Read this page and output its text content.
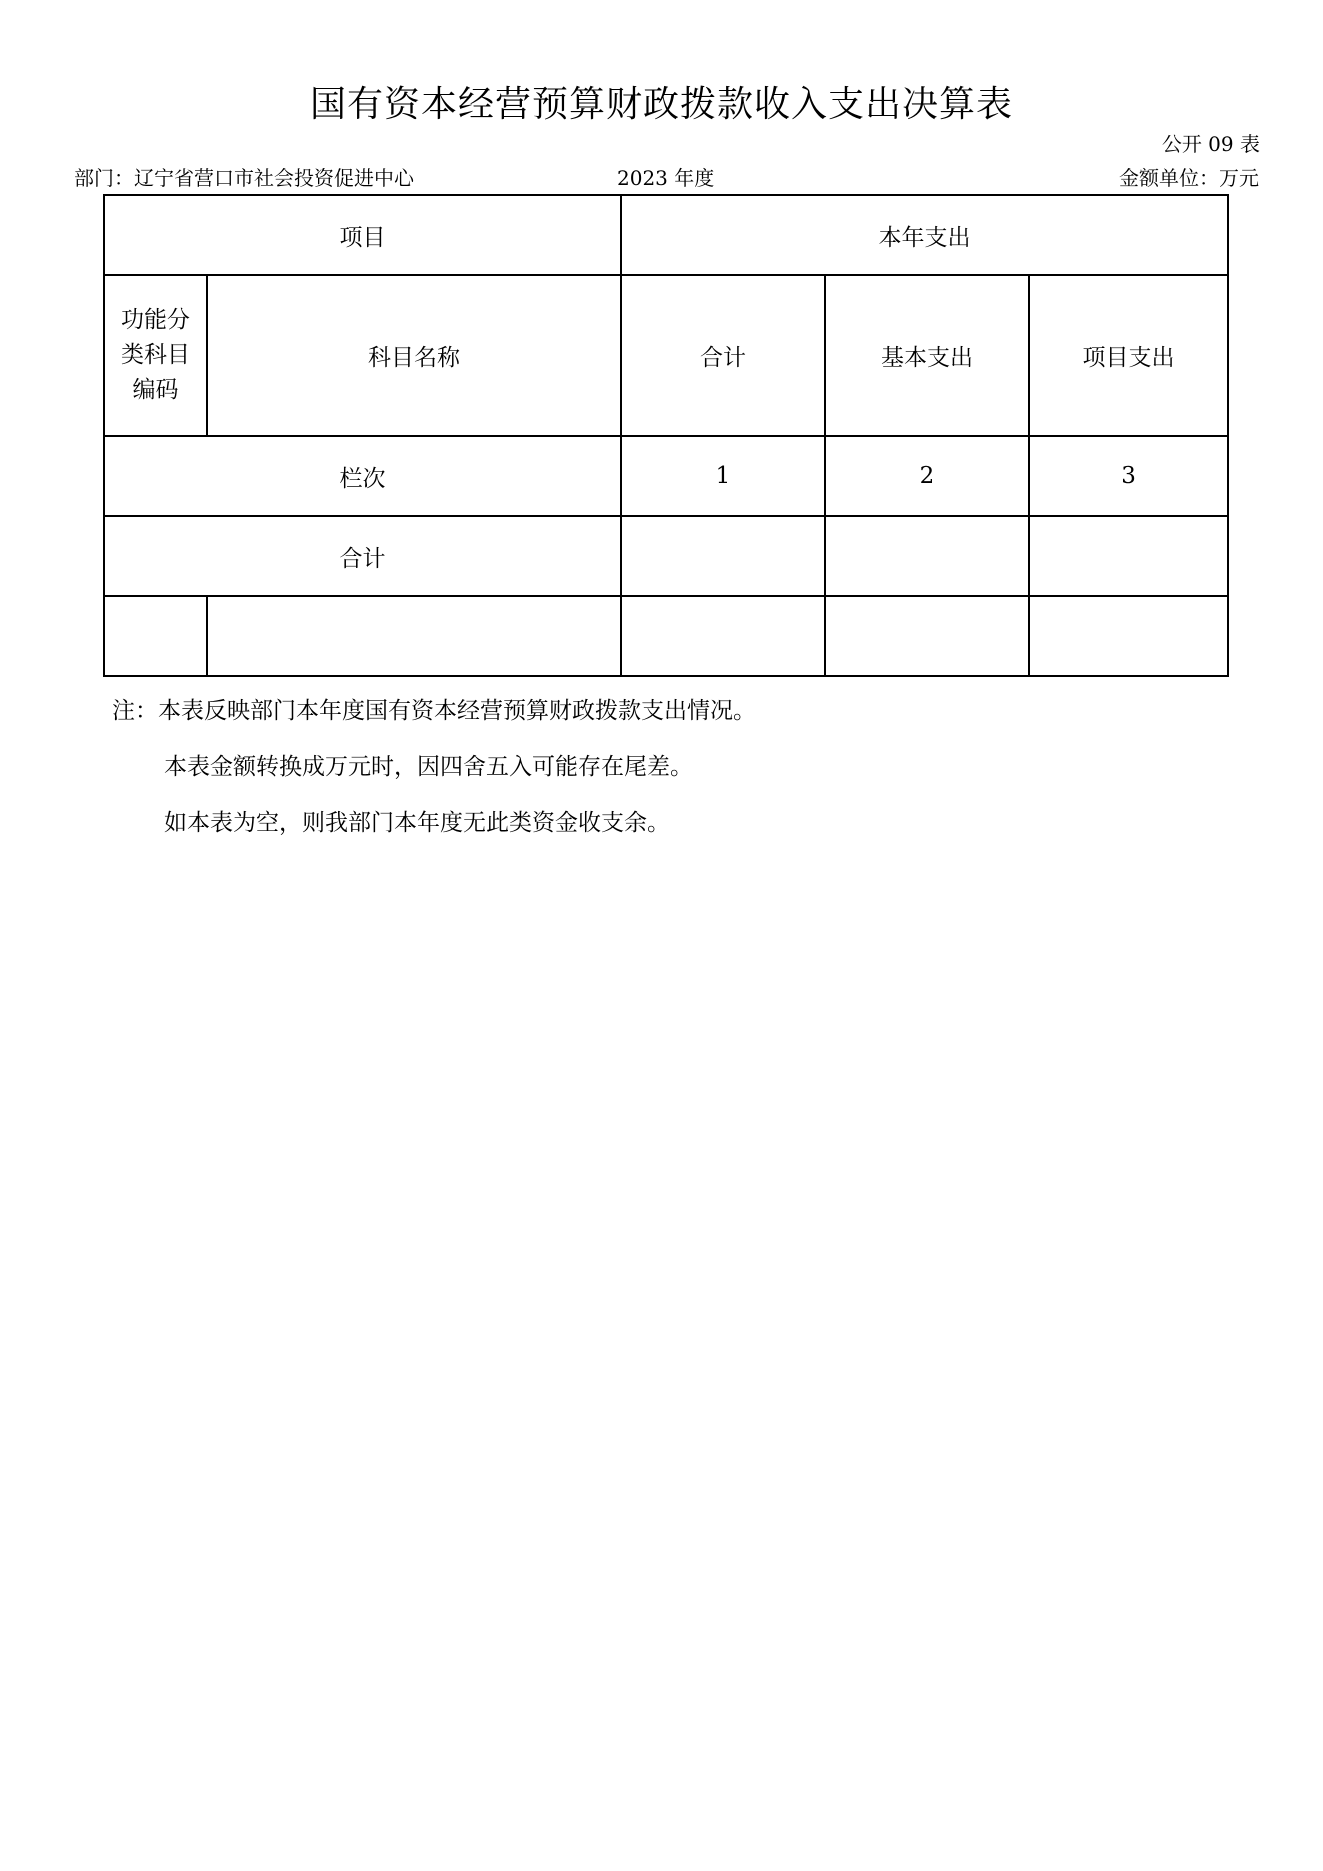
国有资本经营预算财政拨款收入支出决算表
公开 09 表
部门：辽宁省营口市社会投资促进中心	2023 年度	金额单位：万元
项目		本年支出		

功能分
类科目
编码	科目名称	合计	基本支出	项目支出
栏次		1	2	3
合计				

注：本表反映部门本年度国有资本经营预算财政拨款支出情况。
本表金额转换成万元时，因四舍五入可能存在尾差。
如本表为空，则我部门本年度无此类资金收支余。
